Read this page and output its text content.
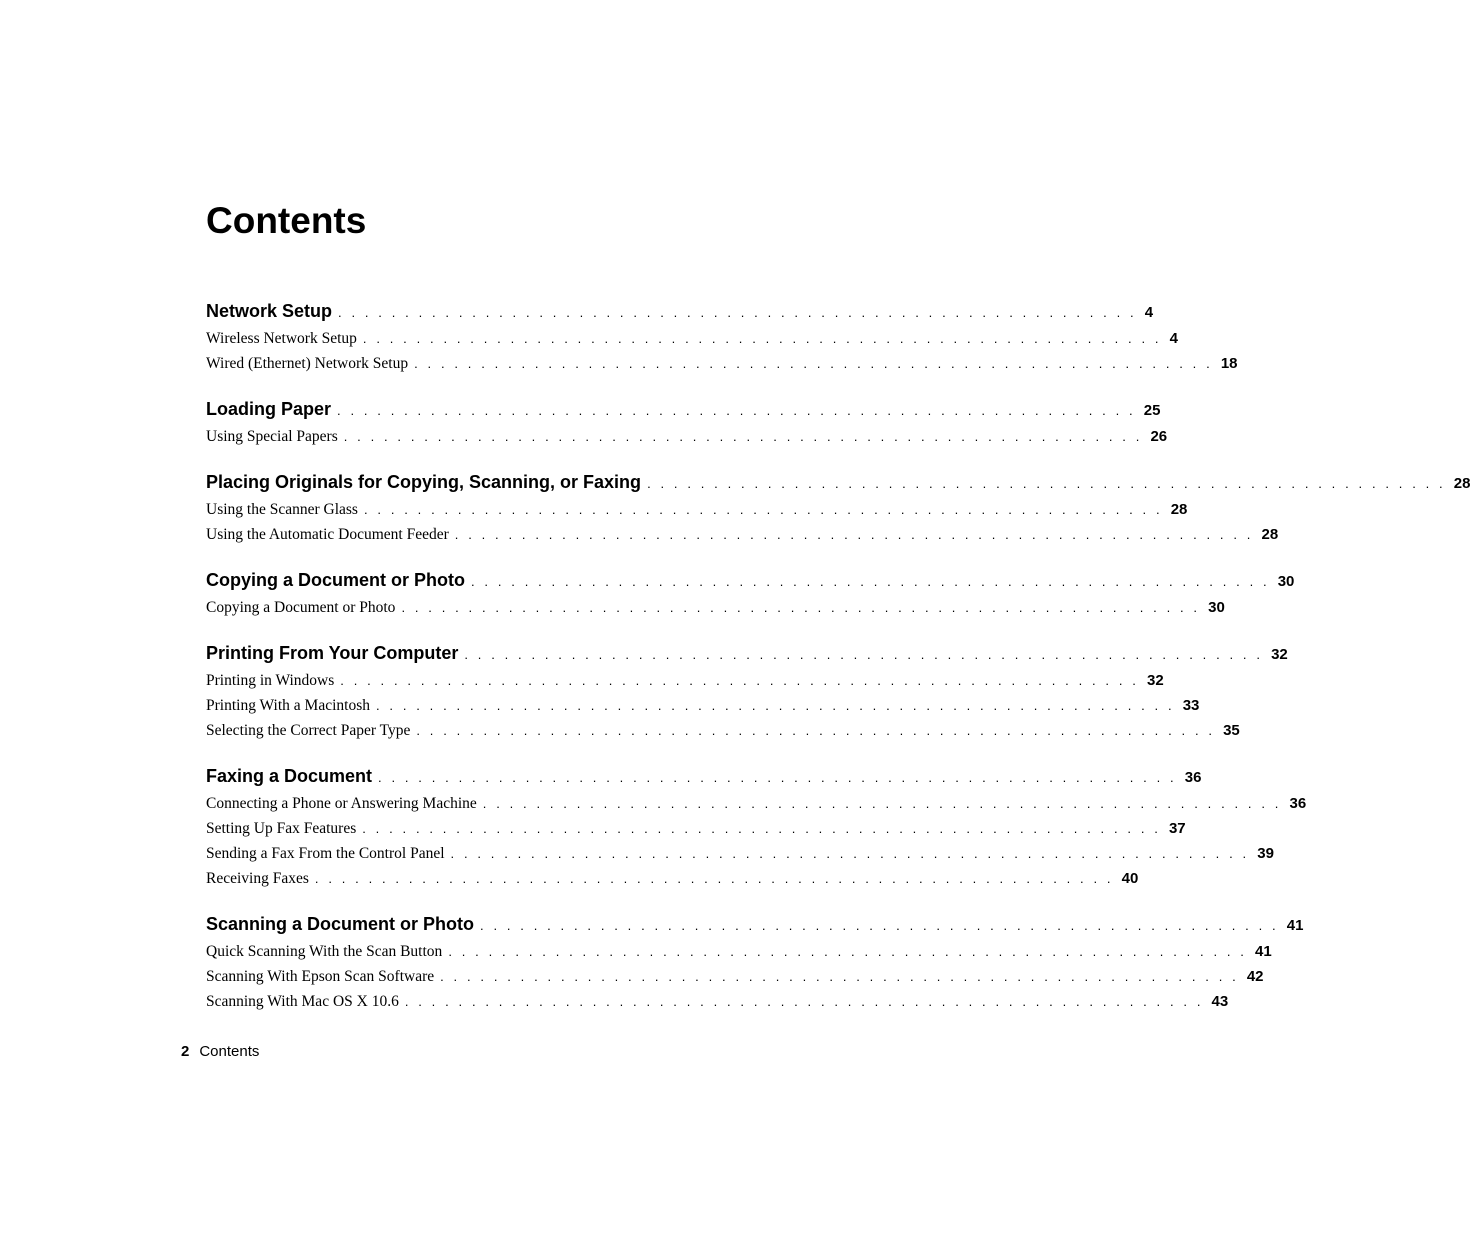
Contents
Network Setup . . . . . . . . . . . . . . . . . . . . . . . . . . . . . . . . . . . . . . . . . . . . . . . . . . . . . . . . . . . . 4
Wireless Network Setup . . . . . . . . . . . . . . . . . . . . . . . . . . . . . . . . . . . . . . . . . . . . . . . . . . . . . . . . . . . . 4
Wired (Ethernet) Network Setup . . . . . . . . . . . . . . . . . . . . . . . . . . . . . . . . . . . . . . . . . . . . . . . . . . . . . . . . . . . . 18
Loading Paper . . . . . . . . . . . . . . . . . . . . . . . . . . . . . . . . . . . . . . . . . . . . . . . . . . . . . . . . . . . . 25
Using Special Papers . . . . . . . . . . . . . . . . . . . . . . . . . . . . . . . . . . . . . . . . . . . . . . . . . . . . . . . . . . . . 26
Placing Originals for Copying, Scanning, or Faxing . . . . . . . . . . . . . . . . . . . . . . . . . . . . . . . . . . . . . . . . . . . . . . . . . . . . . . . . . . . . 28
Using the Scanner Glass . . . . . . . . . . . . . . . . . . . . . . . . . . . . . . . . . . . . . . . . . . . . . . . . . . . . . . . . . . . . 28
Using the Automatic Document Feeder . . . . . . . . . . . . . . . . . . . . . . . . . . . . . . . . . . . . . . . . . . . . . . . . . . . . . . . . . . . . 28
Copying a Document or Photo . . . . . . . . . . . . . . . . . . . . . . . . . . . . . . . . . . . . . . . . . . . . . . . . . . . . . . . . . . . . 30
Copying a Document or Photo . . . . . . . . . . . . . . . . . . . . . . . . . . . . . . . . . . . . . . . . . . . . . . . . . . . . . . . . . . . . 30
Printing From Your Computer . . . . . . . . . . . . . . . . . . . . . . . . . . . . . . . . . . . . . . . . . . . . . . . . . . . . . . . . . . . . 32
Printing in Windows . . . . . . . . . . . . . . . . . . . . . . . . . . . . . . . . . . . . . . . . . . . . . . . . . . . . . . . . . . . . 32
Printing With a Macintosh . . . . . . . . . . . . . . . . . . . . . . . . . . . . . . . . . . . . . . . . . . . . . . . . . . . . . . . . . . . . 33
Selecting the Correct Paper Type . . . . . . . . . . . . . . . . . . . . . . . . . . . . . . . . . . . . . . . . . . . . . . . . . . . . . . . . . . . . 35
Faxing a Document . . . . . . . . . . . . . . . . . . . . . . . . . . . . . . . . . . . . . . . . . . . . . . . . . . . . . . . . . . . . 36
Connecting a Phone or Answering Machine . . . . . . . . . . . . . . . . . . . . . . . . . . . . . . . . . . . . . . . . . . . . . . . . . . . . . . . . . . . . 36
Setting Up Fax Features . . . . . . . . . . . . . . . . . . . . . . . . . . . . . . . . . . . . . . . . . . . . . . . . . . . . . . . . . . . . 37
Sending a Fax From the Control Panel . . . . . . . . . . . . . . . . . . . . . . . . . . . . . . . . . . . . . . . . . . . . . . . . . . . . . . . . . . . . 39
Receiving Faxes . . . . . . . . . . . . . . . . . . . . . . . . . . . . . . . . . . . . . . . . . . . . . . . . . . . . . . . . . . . . 40
Scanning a Document or Photo . . . . . . . . . . . . . . . . . . . . . . . . . . . . . . . . . . . . . . . . . . . . . . . . . . . . . . . . . . . . 41
Quick Scanning With the Scan Button . . . . . . . . . . . . . . . . . . . . . . . . . . . . . . . . . . . . . . . . . . . . . . . . . . . . . . . . . . . . 41
Scanning With Epson Scan Software . . . . . . . . . . . . . . . . . . . . . . . . . . . . . . . . . . . . . . . . . . . . . . . . . . . . . . . . . . . . 42
Scanning With Mac OS X 10.6 . . . . . . . . . . . . . . . . . . . . . . . . . . . . . . . . . . . . . . . . . . . . . . . . . . . . . . . . . . . . 43
2 Contents
